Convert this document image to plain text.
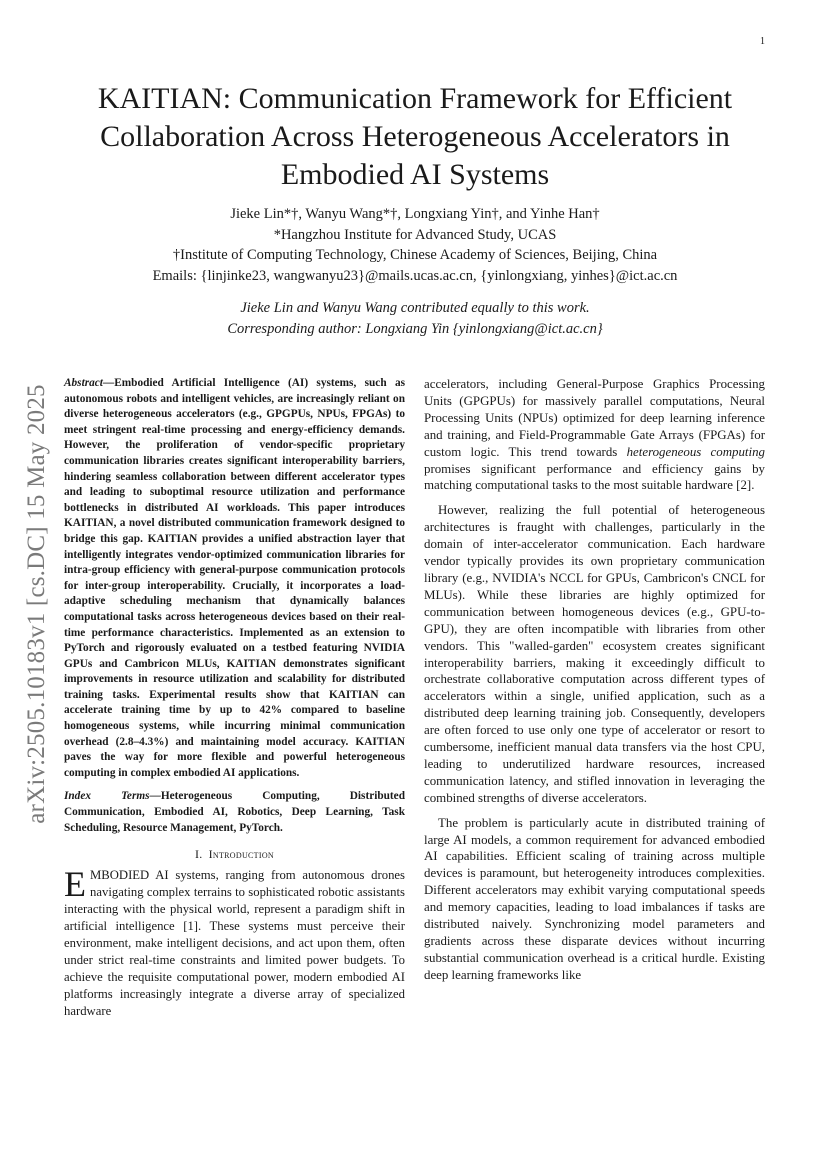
1
arXiv:2505.10183v1 [cs.DC] 15 May 2025
KAITIAN: Communication Framework for Efficient Collaboration Across Heterogeneous Accelerators in Embodied AI Systems
Jieke Lin*†, Wanyu Wang*†, Longxiang Yin†, and Yinhe Han†
*Hangzhou Institute for Advanced Study, UCAS
†Institute of Computing Technology, Chinese Academy of Sciences, Beijing, China
Emails: {linjinke23, wangwanyu23}@mails.ucas.ac.cn, {yinlongxiang, yinhes}@ict.ac.cn
Jieke Lin and Wanyu Wang contributed equally to this work.
Corresponding author: Longxiang Yin {yinlongxiang@ict.ac.cn}

Abstract—Embodied Artificial Intelligence (AI) systems, such as autonomous robots and intelligent vehicles, are increasingly reliant on diverse heterogeneous accelerators (e.g., GPGPUs, NPUs, FPGAs) to meet stringent real-time processing and energy-efficiency demands. However, the proliferation of vendor-specific proprietary communication libraries creates significant interoperability barriers, hindering seamless collaboration between different accelerator types and leading to suboptimal resource utilization and performance bottlenecks in distributed AI workloads. This paper introduces KAITIAN, a novel distributed communication framework designed to bridge this gap. KAITIAN provides a unified abstraction layer that intelligently integrates vendor-optimized communication libraries for intra-group efficiency with general-purpose communication protocols for inter-group interoperability. Crucially, it incorporates a load-adaptive scheduling mechanism that dynamically balances computational tasks across heterogeneous devices based on their real-time performance characteristics. Implemented as an extension to PyTorch and rigorously evaluated on a testbed featuring NVIDIA GPUs and Cambricon MLUs, KAITIAN demonstrates significant improvements in resource utilization and scalability for distributed training tasks. Experimental results show that KAITIAN can accelerate training time by up to 42% compared to baseline homogeneous systems, while incurring minimal communication overhead (2.8–4.3%) and maintaining model accuracy. KAITIAN paves the way for more flexible and powerful heterogeneous computing in complex embodied AI applications.

Index Terms—Heterogeneous Computing, Distributed Communication, Embodied AI, Robotics, Deep Learning, Task Scheduling, Resource Management, PyTorch.

I. Introduction

EMBODIED AI systems, ranging from autonomous drones navigating complex terrains to sophisticated robotic assistants interacting with the physical world, represent a paradigm shift in artificial intelligence [1]. These systems must perceive their environment, make intelligent decisions, and act upon them, often under strict real-time constraints and limited power budgets. To achieve the requisite computational power, modern embodied AI platforms increasingly integrate a diverse array of specialized hardware

accelerators, including General-Purpose Graphics Processing Units (GPGPUs) for massively parallel computations, Neural Processing Units (NPUs) optimized for deep learning inference and training, and Field-Programmable Gate Arrays (FPGAs) for custom logic. This trend towards heterogeneous computing promises significant performance and efficiency gains by matching computational tasks to the most suitable hardware [2].

However, realizing the full potential of heterogeneous architectures is fraught with challenges, particularly in the domain of inter-accelerator communication. Each hardware vendor typically provides its own proprietary communication library (e.g., NVIDIA's NCCL for GPUs, Cambricon's CNCL for MLUs). While these libraries are highly optimized for communication between homogeneous devices (e.g., GPU-to-GPU), they are often incompatible with libraries from other vendors. This "walled-garden" ecosystem creates significant interoperability barriers, making it exceedingly difficult to orchestrate collaborative computation across different types of accelerators within a single, unified application, such as a distributed deep learning training job. Consequently, developers are often forced to use only one type of accelerator or resort to cumbersome, inefficient manual data transfers via the host CPU, leading to underutilized hardware resources, increased communication latency, and stifled innovation in leveraging the combined strengths of diverse accelerators.

The problem is particularly acute in distributed training of large AI models, a common requirement for advanced embodied AI capabilities. Efficient scaling of training across multiple devices is paramount, but heterogeneity introduces complexities. Different accelerators may exhibit varying computational speeds and memory capacities, leading to load imbalances if tasks are distributed naively. Synchronizing model parameters and gradients across these disparate devices without incurring substantial communication overhead is a critical hurdle. Existing deep learning frameworks like
